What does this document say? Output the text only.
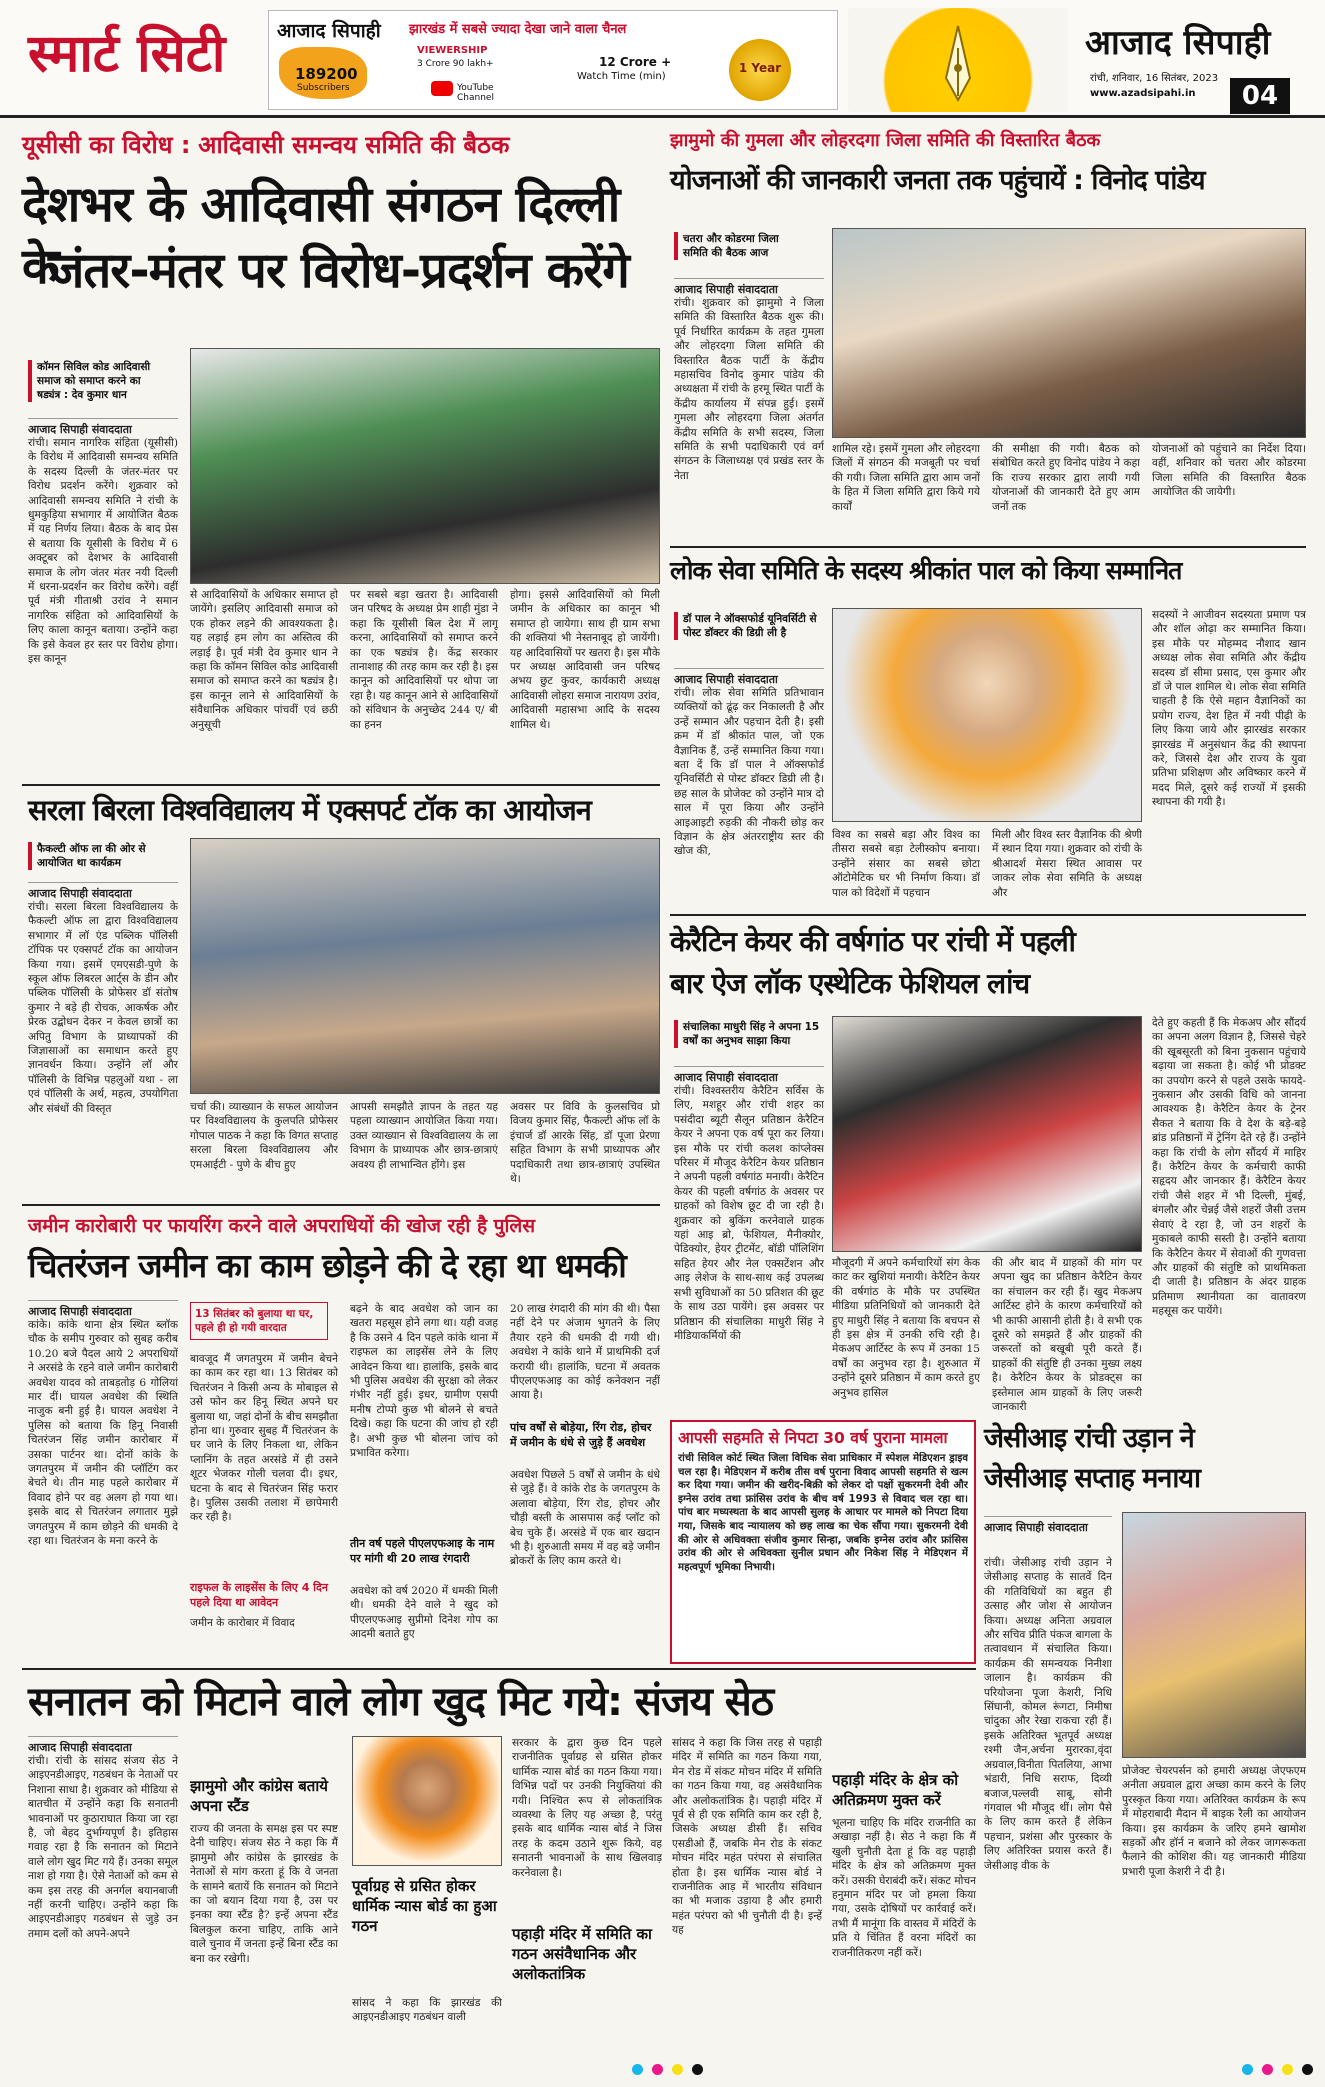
स्मार्ट सिटी	आजाद सिपाही झारखंड में सबसे ज्यादा देखा जाने वाला चैनल
189200
Subscribers
VIEWERSHIP
3 Crore 90 lakh+	12 Crore +
Watch Time (min)
YouTube Channel
1 Year
आजाद सिपाही
रांची, शनिवार, 16 सितंबर, 2023
www.azadsipahi.in	04
यूसीसी का विरोध : आदिवासी समन्वय समिति की बैठक
देशभर के आदिवासी संगठन दिल्ली के
जंतर-मंतर पर विरोध-प्रदर्शन करेंगे
कॉमन सिविल कोड आदिवासी समाज को समाप्त करने का षड्यंत्र : देव कुमार धान
आजाद सिपाही संवाददाता
रांची। समान नागरिक संहिता (यूसीसी) के विरोध में आदिवासी समन्वय समिति के सदस्य दिल्ली के जंतर-मंतर पर विरोध प्रदर्शन करेंगे। शुक्रवार को आदिवासी समन्वय समिति ने रांची के धुमकुड़िया सभागार में आयोजित बैठक में यह निर्णय लिया। बैठक के बाद प्रेस से बताया कि यूसीसी के विरोध में 6 अक्टूबर को देशभर के आदिवासी समाज के लोग जंतर मंतर नयी दिल्ली में धरना-प्रदर्शन कर विरोध करेंगे। वहीं पूर्व मंत्री गीताश्री उरांव ने समान नागरिक संहिता को आदिवासियों के लिए काला कानून बताया। उन्होंने कहा कि इसे केवल हर स्तर पर विरोध होगा। इस कानून
से आदिवासियों के अधिकार समाप्त हो जायेंगे। इसलिए आदिवासी समाज को एक होकर लड़ने की आवश्यकता है। यह लड़ाई हम लोग का अस्तित्व की लड़ाई है। पूर्व मंत्री देव कुमार धान ने कहा कि कॉमन सिविल कोड आदिवासी समाज को समाप्त करने का षड्यंत्र है। इस कानून लाने से आदिवासियों के संवैधानिक अधिकार पांचवीं एवं छठी अनुसूची
पर सबसे बड़ा खतरा है। आदिवासी जन परिषद के अध्यक्ष प्रेम शाही मुंडा ने कहा कि यूसीसी बिल देश में लागू करना, आदिवासियों को समाप्त करने का एक षड्यंत्र है। केंद्र सरकार तानाशाह की तरह काम कर रही है। इस कानून को आदिवासियों पर थोपा जा रहा है। यह कानून आने से आदिवासियों को संविधान के अनुच्छेद 244 ए/ बी का हनन
होगा। इससे आदिवासियों को मिली जमीन के अधिकार का कानून भी समाप्त हो जायेगा। साथ ही ग्राम सभा की शक्तियां भी नेस्तनाबूद हो जायेंगी। यह आदिवासियों पर खतरा है। इस मौके पर अध्यक्ष आदिवासी जन परिषद अभय छुट कुवर, कार्यकारी अध्यक्ष आदिवासी लोहरा समाज नारायण उरांव, आदिवासी महासभा आदि के सदस्य शामिल थे।
सरला बिरला विश्वविद्यालय में एक्सपर्ट टॉक का आयोजन
फैकल्टी ऑफ ला की ओर से आयोजित था कार्यक्रम
आजाद सिपाही संवाददाता
रांची। सरला बिरला विश्वविद्यालय के फैकल्टी ऑफ ला द्वारा विश्वविद्यालय सभागार में लॉ एंड पब्लिक पॉलिसी टॉपिक पर एक्सपर्ट टॉक का आयोजन किया गया। इसमें एमएसडी-पुणे के स्कूल ऑफ लिबरल आर्ट्स के डीन और पब्लिक पॉलिसी के प्रोफेसर डॉ संतोष कुमार ने बड़े ही रोचक, आकर्षक और प्रेरक उद्बोधन देकर न केवल छात्रों का अपितु विभाग के प्राध्यापकों की जिज्ञासाओं का समाधान करते हुए ज्ञानवर्धन किया। उन्होंने लॉ और पॉलिसी के विभिन्न पहलुओं यथा - ला एवं पॉलिसी के अर्थ, महत्व, उपयोगिता और संबंधों की विस्तृत	चर्चा की। व्याख्यान के सफल आयोजन पर विश्वविद्यालय के कुलपति प्रोफेसर गोपाल पाठक ने कहा कि विगत सप्ताह सरला बिरला विश्वविद्यालय और एमआईटी - पुणे के बीच हुए
आपसी समझौते ज्ञापन के तहत यह पहला व्याख्यान आयोजित किया गया। उक्त व्याख्यान से विश्वविद्यालय के ला विभाग के प्राध्यापक और छात्र-छात्राएं अवश्य ही लाभान्वित होंगे। इस
अवसर पर विवि के कुलसचिव प्रो विजय कुमार सिंह, फैकल्टी ऑफ लॉ के इंचार्ज डॉ आरके सिंह, डॉ पूजा प्रेरणा सहित विभाग के सभी प्राध्यापक और पदाधिकारी तथा छात्र-छात्राएं उपस्थित थे।
जमीन कारोबारी पर फायरिंग करने वाले अपराधियों की खोज रही है पुलिस
चितरंजन जमीन का काम छोड़ने की दे रहा था धमकी
आजाद सिपाही संवाददाता
कांके। कांके थाना क्षेत्र स्थित ब्लॉक चौक के समीप गुरुवार को सुबह करीब 10.20 बजे पैदल आये 2 अपराधियों ने अरसंडे के रहने वाले जमीन कारोबारी अवधेश यादव को ताबड़तोड़ 6 गोलियां मार दीं। घायल अवधेश की स्थिति नाजुक बनी हुई है। घायल अवधेश ने पुलिस को बताया कि हिनू निवासी चितरंजन सिंह जमीन कारोबार में उसका पार्टनर था। दोनों कांके के जगतपुरम में जमीन की प्लॉटिंग कर बेचते थे। तीन माह पहले कारोबार में विवाद होने पर वह अलग हो गया था। इसके बाद से चितरंजन लगातार मुझे जगतपुरम में काम छोड़ने की धमकी दे रहा था। चितरंजन के मना करने के
13 सितंबर को बुलाया था घर, पहले ही हो गयी वारदात
बावजूद मैं जगतपुरम में जमीन बेचने का काम कर रहा था। 13 सितंबर को चितरंजन ने किसी अन्य के मोबाइल से उसे फोन कर हिनू स्थित अपने घर बुलाया था, जहां दोनों के बीच समझौता होना था। गुरुवार सुबह मैं चितरंजन के घर जाने के लिए निकला था, लेकिन प्लानिंग के तहत अरसंडे में ही उसने शूटर भेजकर गोली चलवा दी। इधर, घटना के बाद से चितरंजन सिंह फरार है। पुलिस उसकी तलाश में छापेमारी कर रही है।
राइफल के लाइसेंस के लिए 4 दिन पहले दिया था आवेदन
जमीन के कारोबार में विवाद
बढ़ने के बाद अवधेश को जान का खतरा महसूस होने लगा था। यही वजह है कि उसने 4 दिन पहले कांके थाना में राइफल का लाइसेंस लेने के लिए आवेदन किया था। हालांकि, इसके बाद भी पुलिस अवधेश की सुरक्षा को लेकर गंभीर नहीं हुई। इधर, ग्रामीण एसपी मनीष टोप्पो कुछ भी बोलने से बचते दिखे। कहा कि घटना की जांच हो रही है। अभी कुछ भी बोलना जांच को प्रभावित करेगा।
तीन वर्ष पहले पीएलएफआइ के नाम पर मांगी थी 20 लाख रंगदारी
अवधेश को वर्ष 2020 में धमकी मिली थी। धमकी देने वाले ने खुद को पीएलएफआइ सुप्रीमो दिनेश गोप का आदमी बताते हुए
20 लाख रंगदारी की मांग की थी। पैसा नहीं देने पर अंजाम भुगतने के लिए तैयार रहने की धमकी दी गयी थी। अवधेश ने कांके थाने में प्राथमिकी दर्ज करायी थी। हालांकि, घटना में अवतक पीएलएफआइ का कोई कनेक्शन नहीं आया है।
पांच वर्षों से बोड़ेया, रिंग रोड, होचर में जमीन के धंधे से जुड़े हैं अवधेश
अवधेश पिछले 5 वर्षों से जमीन के धंधे से जुड़े हैं। वे कांके रोड के जगतपुरम के अलावा बोड़ेया, रिंग रोड, होचर और चौड़ी बस्ती के आसपास कई प्लॉट को बेच चुके हैं। अरसंडे में एक बार खदान भी है। शुरुआती समय में वह बड़े जमीन ब्रोकरों के लिए काम करते थे।
झामुमो की गुमला और लोहरदगा जिला समिति की विस्तारित बैठक
योजनाओं की जानकारी जनता तक पहुंचायें : विनोद पांडेय
चतरा और कोडरमा जिला समिति की बैठक आज
आजाद सिपाही संवाददाता
रांची। शुक्रवार को झामुमो ने जिला समिति की विस्तारित बैठक शुरू की। पूर्व निर्धारित कार्यक्रम के तहत गुमला और लोहरदगा जिला समिति की विस्तारित बैठक पार्टी के केंद्रीय महासचिव विनोद कुमार पांडेय की अध्यक्षता में रांची के हरमू स्थित पार्टी के केंद्रीय कार्यालय में संपन्न हुई। इसमें गुमला और लोहरदगा जिला अंतर्गत केंद्रीय समिति के सभी सदस्य, जिला समिति के सभी पदाधिकारी एवं वर्ग संगठन के जिलाध्यक्ष एवं प्रखंड स्तर के नेता
शामिल रहे। इसमें गुमला और लोहरदगा जिलों में संगठन की मजबूती पर चर्चा की गयी। जिला समिति द्वारा आम जनों के हित में जिला समिति द्वारा किये गये कार्यों
की समीक्षा की गयी। बैठक को संबोधित करते हुए विनोद पांडेय ने कहा कि राज्य सरकार द्वारा लायी गयी योजनाओं की जानकारी देते हुए आम जनों तक
योजनाओं को पहुंचाने का निर्देश दिया। वहीं, शनिवार को चतरा और कोडरमा जिला समिति की विस्तारित बैठक आयोजित की जायेगी।
लोक सेवा समिति के सदस्य श्रीकांत पाल को किया सम्मानित
डॉ पाल ने ऑक्सफोर्ड यूनिवर्सिटी से पोस्ट डॉक्टर की डिग्री ली है
आजाद सिपाही संवाददाता
रांची। लोक सेवा समिति प्रतिभावान व्यक्तियों को ढूंढ़ कर निकालती है और उन्हें सम्मान और पहचान देती है। इसी क्रम में डॉ श्रीकांत पाल, जो एक वैज्ञानिक हैं, उन्हें सम्मानित किया गया। बता दें कि डॉ पाल ने ऑक्सफोर्ड यूनिवर्सिटी से पोस्ट डॉक्टर डिग्री ली है। छह साल के प्रोजेक्ट को उन्होंने मात्र दो साल में पूरा किया और उन्होंने आइआइटी रुड़की की नौकरी छोड़ कर विज्ञान के क्षेत्र अंतरराष्ट्रीय स्तर की खोज की,
विश्व का सबसे बड़ा और विश्व का तीसरा सबसे बड़ा टेलीस्कोप बनाया। उन्होंने संसार का सबसे छोटा ऑटोमेटिक घर भी निर्माण किया। डॉ पाल को विदेशों में पहचान
मिली और विश्व स्तर वैज्ञानिक की श्रेणी में स्थान दिया गया। शुक्रवार को रांची के श्रीआदर्श मेसरा स्थित आवास पर जाकर लोक सेवा समिति के अध्यक्ष और
सदस्यों ने आजीवन सदस्यता प्रमाण पत्र और शॉल ओढ़ा कर सम्मानित किया। इस मौके पर मोहम्मद नौशाद खान अध्यक्ष लोक सेवा समिति और केंद्रीय सदस्य डॉ सीमा प्रसाद, एस कुमार और डॉ जे पाल शामिल थे। लोक सेवा समिति चाहती है कि ऐसे महान वैज्ञानिकों का प्रयोग राज्य, देश हित में नयी पीढ़ी के लिए किया जाये और झारखंड सरकार झारखंड में अनुसंधान केंद्र की स्थापना करे, जिससे देश और राज्य के युवा प्रतिभा प्रशिक्षण और अविष्कार करने में मदद मिले, दूसरे कई राज्यों में इसकी स्थापना की गयी है।
केरैटिन केयर की वर्षगांठ पर रांची में पहली
बार ऐज लॉक एस्थेटिक फेशियल लांच
संचालिका माधुरी सिंह ने अपना 15 वर्षों का अनुभव साझा किया
आजाद सिपाही संवाददाता
रांची। विश्वस्तरीय केरैटिन सर्विस के लिए, मशहूर और रांची शहर का पसंदीदा ब्यूटी सैलून प्रतिष्ठान केरैटिन केयर ने अपना एक वर्ष पूरा कर लिया। इस मौके पर रांची कलश कांप्लेक्स परिसर में मौजूद केरैटिन केयर प्रतिष्ठान ने अपनी पहली वर्षगांठ मनायी। केरैटिन केयर की पहली वर्षगांठ के अवसर पर ग्राहकों को विशेष छूट दी जा रही है। शुक्रवार को बुकिंग करनेवाले ग्राहक यहां आइ ब्रो, फेशियल, मैनीक्योर, पेडिक्योर, हेयर ट्रीटमेंट, बॉडी पॉलिशिंग सहित हेयर और नेल एक्सटेंशन और आइ लेशेज के साथ-साथ कई उपलब्ध सभी सुविधाओं का 50 प्रतिशत की छूट के साथ उठा पायेंगे। इस अवसर पर प्रतिष्ठान की संचालिका माधुरी सिंह ने मीडियाकर्मियों की
मौजूदगी में अपने कर्मचारियों संग केक काट कर खुशियां मनायी। केरैटिन केयर की वर्षगांठ के मौके पर उपस्थित मीडिया प्रतिनिधियों को जानकारी देते हुए माधुरी सिंह ने बताया कि बचपन से ही इस क्षेत्र में उनकी रुचि रही है। मेकअप आर्टिस्ट के रूप में उनका 15 वर्षों का अनुभव रहा है। शुरुआत में उन्होंने दूसरे प्रतिष्ठान में काम करते हुए अनुभव हासिल
की और बाद में ग्राहकों की मांग पर अपना खुद का प्रतिष्ठान केरैटिन केयर का संचालन कर रही हैं। खुद मेकअप आर्टिस्ट होने के कारण कर्मचारियों को भी काफी आसानी होती है। वे सभी एक दूसरे को समझते हैं और ग्राहकों की जरूरतों को बखूबी पूरी करते हैं। ग्राहकों की संतुष्टि ही उनका मुख्य लक्ष्य है। केरैटिन केयर के प्रोडक्ट्स का इस्तेमाल आम ग्राहकों के लिए जरूरी जानकारी
देते हुए कहती हैं कि मेकअप और सौंदर्य का अपना अलग विज्ञान है, जिससे चेहरे की खूबसूरती को बिना नुकसान पहुंचाये बढ़ाया जा सकता है। कोई भी प्रोडक्ट का उपयोग करने से पहले उसके फायदे- नुकसान और उसकी विधि को जानना आवश्यक है। केरैटिन केयर के ट्रेनर सैकत ने बताया कि वे देश के बड़े-बड़े ब्रांड प्रतिष्ठानों में ट्रेनिंग देते रहे हैं। उन्होंने कहा कि रांची के लोग सौंदर्य में माहिर हैं। केरैटिन केयर के कर्मचारी काफी सहृदय और जानकार हैं। केरैटिन केयर रांची जैसे शहर में भी दिल्ली, मुंबई, बंगलौर और चेन्नई जैसे शहरों जैसी उत्तम सेवाएं दे रहा है, जो उन शहरों के मुकाबले काफी सस्ती है। उन्होंने बताया कि केरैटिन केयर में सेवाओं की गुणवत्ता और ग्राहकों की संतुष्टि को प्राथमिकता दी जाती है। प्रतिष्ठान के अंदर ग्राहक प्रतिमाण स्थानीयता का वातावरण महसूस कर पायेंगे।
आपसी सहमति से निपटा 30 वर्ष पुराना मामला
रांची सिविल कोर्ट स्थित जिला विधिक सेवा प्राधिकार में स्पेशल मेडिएशन ड्राइव चल रहा है। मेडिएशन में करीब तीस वर्ष पुराना विवाद आपसी सहमति से खत्म कर दिया गया। जमीन की खरीद-बिक्री को लेकर दो पक्षों सुकरमनी देवी और इग्नेस उरांव तथा फ्रांसिस उरांव के बीच वर्ष 1993 से विवाद चल रहा था। पांच बार मध्यस्थता के बाद आपसी सुलह के आधार पर मामले को निपटा दिया गया, जिसके बाद न्यायालय को छह लाख का चेक सौंपा गया। सुकरमनी देवी की ओर से अधिवक्ता संजीव कुमार सिन्हा, जबकि इग्नेस उरांव और फ्रांसिस उरांव की ओर से अधिवक्ता सुनील प्रधान और निकेश सिंह ने मेडिएशन में महत्वपूर्ण भूमिका निभायी।
जेसीआइ रांची उड़ान ने
जेसीआइ सप्ताह मनाया
आजाद सिपाही संवाददाता
रांची। जेसीआइ रांची उड़ान ने जेसीआइ सप्ताह के सातवें दिन की गतिविधियों का बहुत ही उत्साह और जोश से आयोजन किया। अध्यक्ष अनिता अग्रवाल और सचिव प्रीति पंकज बागला के तत्वावधान में संचालित किया। कार्यक्रम की समन्वयक निनीशा जालान है। कार्यक्रम की परियोजना पूजा केशरी, निधि सिंघानी, कोमल रूंगटा, निमीषा चांदुका और रेखा राकचा रही हैं। इसके अतिरिक्त भूतपूर्व अध्यक्ष रश्मी जैन,अर्चना मुरारका,वृंदा अग्रवाल,विनीता पितलिया, आभा भंडारी, निधि सराफ, दिव्यी बजाज,पल्लवी साबू, सोनी गंगवाल भी मौजूद थीं। लोग पैसे के लिए काम करते हैं लेकिन पहचान, प्रशंसा और पुरस्कार के लिए अतिरिक्त प्रयास करते हैं। जेसीआइ वीक के
प्रोजेक्ट चेयरपर्सन को हमारी अध्यक्ष जेएफएम अनीता अग्रवाल द्वारा अच्छा काम करने के लिए पुरस्कृत किया गया। अतिरिक्त कार्यक्रम के रूप में मोहराबादी मैदान में बाइक रैली का आयोजन किया। इस कार्यक्रम के जरिए हमने खामोश सड़कों और हॉर्न न बजाने को लेकर जागरूकता फैलाने की कोशिश की। यह जानकारी मीडिया प्रभारी पूजा केशरी ने दी है।
सनातन को मिटाने वाले लोग खुद मिट गये: संजय सेठ
आजाद सिपाही संवाददाता
रांची। रांची के सांसद संजय सेठ ने आइएनडीआइए, गठबंधन के नेताओं पर निशाना साधा है। शुक्रवार को मीडिया से बातचीत में उन्होंने कहा कि सनातनी भावनाओं पर कुठाराघात किया जा रहा है, जो बेहद दुर्भाग्यपूर्ण है। इतिहास गवाह रहा है कि सनातन को मिटाने वाले लोग खुद मिट गये हैं। उनका समूल नाश हो गया है। ऐसे नेताओं को कम से कम इस तरह की अनर्गल बयानबाजी नहीं करनी चाहिए। उन्होंने कहा कि आइएनडीआइए गठबंधन से जुड़े उन तमाम दलों को अपने-अपने
झामुमो और कांग्रेस बताये अपना स्टैंड
राज्य की जनता के समक्ष इस पर स्पष्ट देनी चाहिए। संजय सेठ ने कहा कि मैं झामुमो और कांग्रेस के झारखंड के नेताओं से मांग करता हूं कि वे जनता के सामने बतायें कि सनातन को मिटाने का जो बयान दिया गया है, उस पर इनका क्या स्टैंड है? इन्हें अपना स्टैंड बिलकुल करना चाहिए, ताकि आने वाले चुनाव में जनता इन्हें बिना स्टैंड का बना कर रखेगी।
पूर्वाग्रह से ग्रसित होकर धार्मिक न्यास बोर्ड का हुआ गठन
सांसद ने कहा कि झारखंड की आइएनडीआइए गठबंधन वाली
सरकार के द्वारा कुछ दिन पहले राजनीतिक पूर्वाग्रह से ग्रसित होकर धार्मिक न्यास बोर्ड का गठन किया गया। विभिन्न पदों पर उनकी नियुक्तियां की गयी। निश्चित रूप से लोकतांत्रिक व्यवस्था के लिए यह अच्छा है, परंतु इसके बाद धार्मिक न्यास बोर्ड ने जिस तरह के कदम उठाने शुरू किये, वह सनातनी भावनाओं के साथ खिलवाड़ करनेवाला है।
पहाड़ी मंदिर में समिति का गठन असंवैधानिक और अलोकतांत्रिक
सांसद ने कहा कि जिस तरह से पहाड़ी मंदिर में समिति का गठन किया गया, मेन रोड में संकट मोचन मंदिर में समिति का गठन किया गया, वह असंवैधानिक और अलोकतांत्रिक है। पहाड़ी मंदिर में पूर्व से ही एक समिति काम कर रही है, जिसके अध्यक्ष डीसी हैं। सचिव एसडीओ हैं, जबकि मेन रोड के संकट मोचन मंदिर महंत परंपरा से संचालित होता है। इस धार्मिक न्यास बोर्ड ने राजनीतिक आड़ में भारतीय संविधान का भी मजाक उड़ाया है और हमारी महंत परंपरा को भी चुनौती दी है। इन्हें यह
पहाड़ी मंदिर के क्षेत्र को अतिक्रमण मुक्त करें
भूलना चाहिए कि मंदिर राजनीति का अखाड़ा नहीं है। सेठ ने कहा कि मैं खुली चुनौती देता हूं कि वह पहाड़ी मंदिर के क्षेत्र को अतिक्रमण मुक्त करें। उसकी घेराबंदी करें। संकट मोचन हनुमान मंदिर पर जो हमला किया गया, उसके दोषियों पर कार्रवाई करें। तभी मैं मानूंगा कि वास्तव में मंदिरों के प्रति ये चिंतित हैं वरना मंदिरों का राजनीतिकरण नहीं करें।
